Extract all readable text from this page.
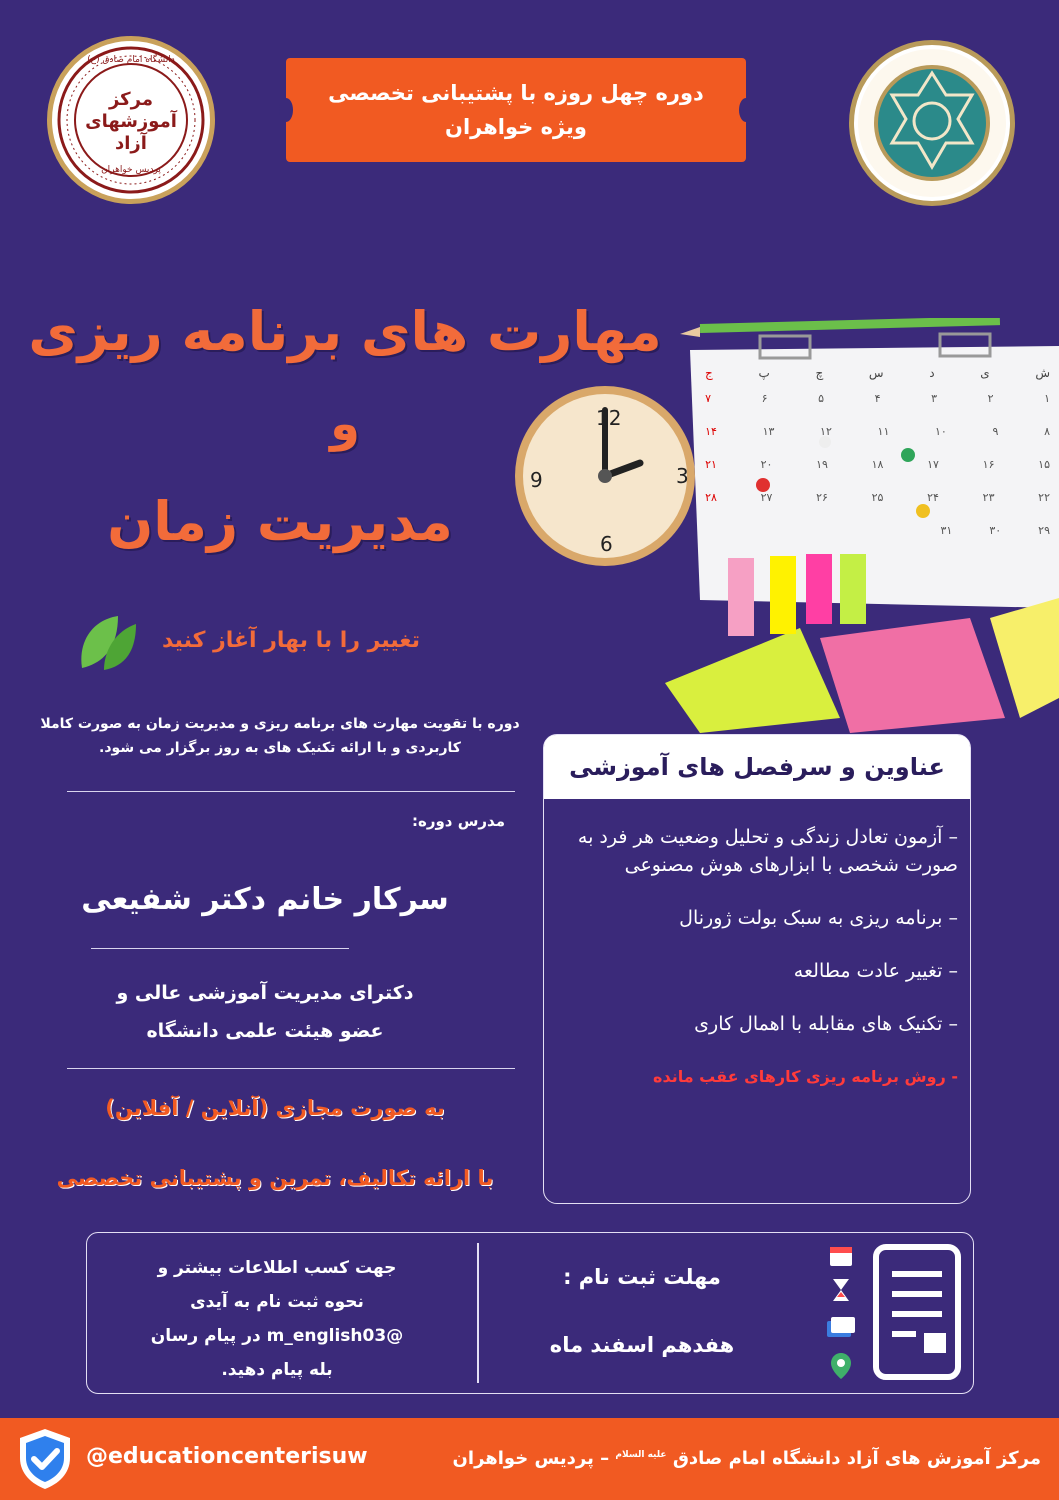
دوره چهل روزه با پشتیبانی تخصصی
ویژه خواهران
مرکز آموزشهای آزاد
دانشگاه امام صادق (ع)
پردیس خواهران
مهارت های برنامه ریزی
و
مدیریت زمان
12
3
6
9
ش
ی
د
س
چ
پ
ج
۱
۲
۳
۴
۵
۶
۷
۸
۹
۱۰
۱۱
۱۲
۱۳
۱۴
۱۵
۱۶
۱۷
۱۸
۱۹
۲۰
۲۱
۲۲
۲۳
۲۴
۲۵
۲۶
۲۷
۲۸
۲۹
۳۰
۳۱
تغییر را با بهار آغاز کنید
دوره با تقویت مهارت های برنامه ریزی و مدیریت زمان به صورت کاملا کاربردی و با ارائه تکنیک های به روز برگزار می شود.
مدرس دوره:
سرکار خانم دکتر شفیعی
دکترای مدیریت آموزشی عالی و
عضو هیئت علمی دانشگاه
به صورت مجازی (آنلاین / آفلاین)
با ارائه تکالیف، تمرین و پشتیبانی تخصصی
عناوین و سرفصل های آموزشی
– آزمون تعادل زندگی و تحلیل وضعیت هر فرد به صورت شخصی با ابزارهای هوش مصنوعی
– برنامه ریزی به سبک بولت ژورنال
– تغییر عادت مطالعه
– تکنیک های مقابله با اهمال کاری
- روش برنامه ریزی کارهای عقب مانده
جهت کسب اطلاعات بیشتر و
نحوه ثبت نام به آیدی
@m_english03 در پیام رسان
بله پیام دهید.
مهلت ثبت نام :
هفدهم اسفند ماه
@educationcenterisuw	مرکز آموزش های آزاد دانشگاه امام صادق $^{علیه السلام}$ – پردیس خواهران
